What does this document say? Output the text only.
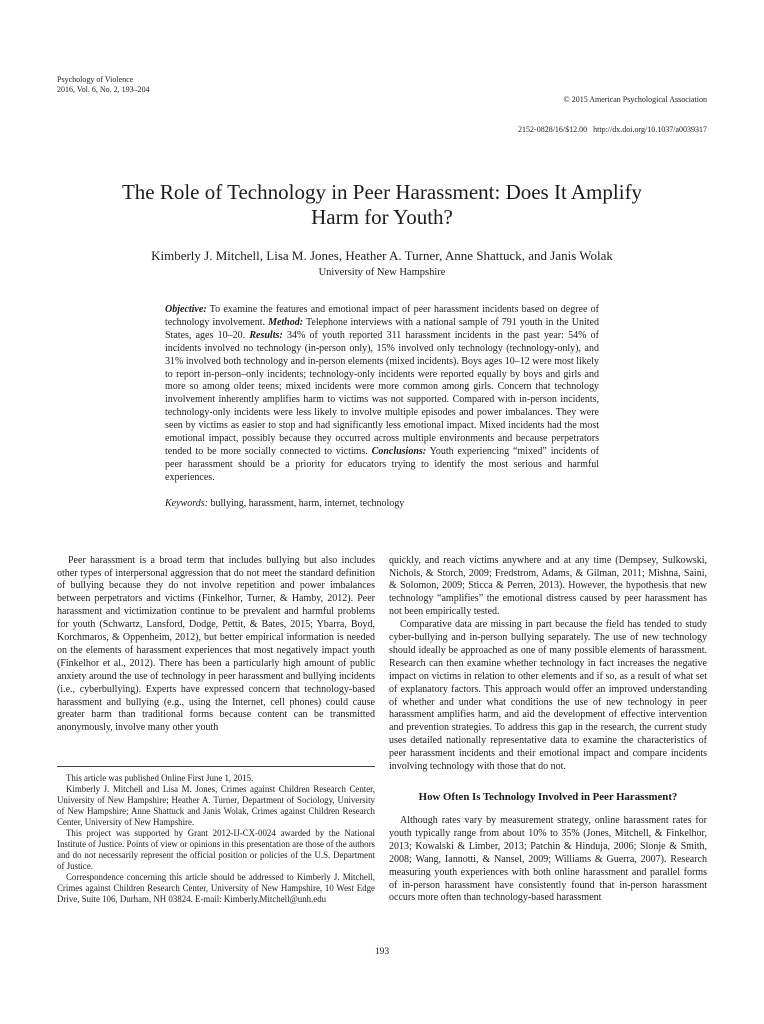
Psychology of Violence
2016, Vol. 6, No. 2, 193–204

© 2015 American Psychological Association

2152-0828/16/$12.00   http://dx.doi.org/10.1037/a0039317

The Role of Technology in Peer Harassment: Does It Amplify Harm for Youth?
Kimberly J. Mitchell, Lisa M. Jones, Heather A. Turner, Anne Shattuck, and Janis Wolak
University of New Hampshire
Objective: To examine the features and emotional impact of peer harassment incidents based on degree of technology involvement. Method: Telephone interviews with a national sample of 791 youth in the United States, ages 10–20. Results: 34% of youth reported 311 harassment incidents in the past year: 54% of incidents involved no technology (in-person only), 15% involved only technology (technology-only), and 31% involved both technology and in-person elements (mixed incidents). Boys ages 10–12 were most likely to report in-person–only incidents; technology-only incidents were reported equally by boys and girls and more so among older teens; mixed incidents were more common among girls. Concern that technology involvement inherently amplifies harm to victims was not supported. Compared with in-person incidents, technology-only incidents were less likely to involve multiple episodes and power imbalances. They were seen by victims as easier to stop and had significantly less emotional impact. Mixed incidents had the most emotional impact, possibly because they occurred across multiple environments and because perpetrators tended to be more socially connected to victims. Conclusions: Youth experiencing “mixed” incidents of peer harassment should be a priority for educators trying to identify the most serious and harmful experiences.
Keywords: bullying, harassment, harm, internet, technology

Peer harassment is a broad term that includes bullying but also includes other types of interpersonal aggression that do not meet the standard definition of bullying because they do not involve repetition and power imbalances between perpetrators and victims (Finkelhor, Turner, & Hamby, 2012). Peer harassment and victimization continue to be prevalent and harmful problems for youth (Schwartz, Lansford, Dodge, Pettit, & Bates, 2015; Ybarra, Boyd, Korchmaros, & Oppenheim, 2012), but better empirical information is needed on the elements of harassment experiences that most negatively impact youth (Finkelhor et al., 2012). There has been a particularly high amount of public anxiety around the use of technology in peer harassment and bullying incidents (i.e., cyberbullying). Experts have expressed concern that technology-based harassment and bullying (e.g., using the Internet, cell phones) could cause greater harm than traditional forms because content can be transmitted anonymously, involve many other youth

This article was published Online First June 1, 2015.

Kimberly J. Mitchell and Lisa M. Jones, Crimes against Children Research Center, University of New Hampshire; Heather A. Turner, Department of Sociology, University of New Hampshire; Anne Shattuck and Janis Wolak, Crimes against Children Research Center, University of New Hampshire.

This project was supported by Grant 2012-IJ-CX-0024 awarded by the National Institute of Justice. Points of view or opinions in this presentation are those of the authors and do not necessarily represent the official position or policies of the U.S. Department of Justice.

Correspondence concerning this article should be addressed to Kimberly J. Mitchell, Crimes against Children Research Center, University of New Hampshire, 10 West Edge Drive, Suite 106, Durham, NH 03824. E-mail: Kimberly.Mitchell@unh.edu

quickly, and reach victims anywhere and at any time (Dempsey, Sulkowski, Nichols, & Storch, 2009; Fredstrom, Adams, & Gilman, 2011; Mishna, Saini, & Solomon, 2009; Sticca & Perren, 2013). However, the hypothesis that new technology “amplifies” the emotional distress caused by peer harassment has not been empirically tested.

Comparative data are missing in part because the field has tended to study cyber-bullying and in-person bullying separately. The use of new technology should ideally be approached as one of many possible elements of harassment. Research can then examine whether technology in fact increases the negative impact on victims in relation to other elements and if so, as a result of what set of explanatory factors. This approach would offer an improved understanding of whether and under what conditions the use of new technology in peer harassment amplifies harm, and aid the development of effective intervention and prevention strategies. To address this gap in the research, the current study uses detailed nationally representative data to examine the characteristics of peer harassment incidents and their emotional impact and compare incidents involving technology with those that do not.

How Often Is Technology Involved in Peer Harassment?

Although rates vary by measurement strategy, online harassment rates for youth typically range from about 10% to 35% (Jones, Mitchell, & Finkelhor, 2013; Kowalski & Limber, 2013; Patchin & Hinduja, 2006; Slonje & Smith, 2008; Wang, Iannotti, & Nansel, 2009; Williams & Guerra, 2007). Research measuring youth experiences with both online harassment and parallel forms of in-person harassment have consistently found that in-person harassment occurs more often than technology-based harassment

193
